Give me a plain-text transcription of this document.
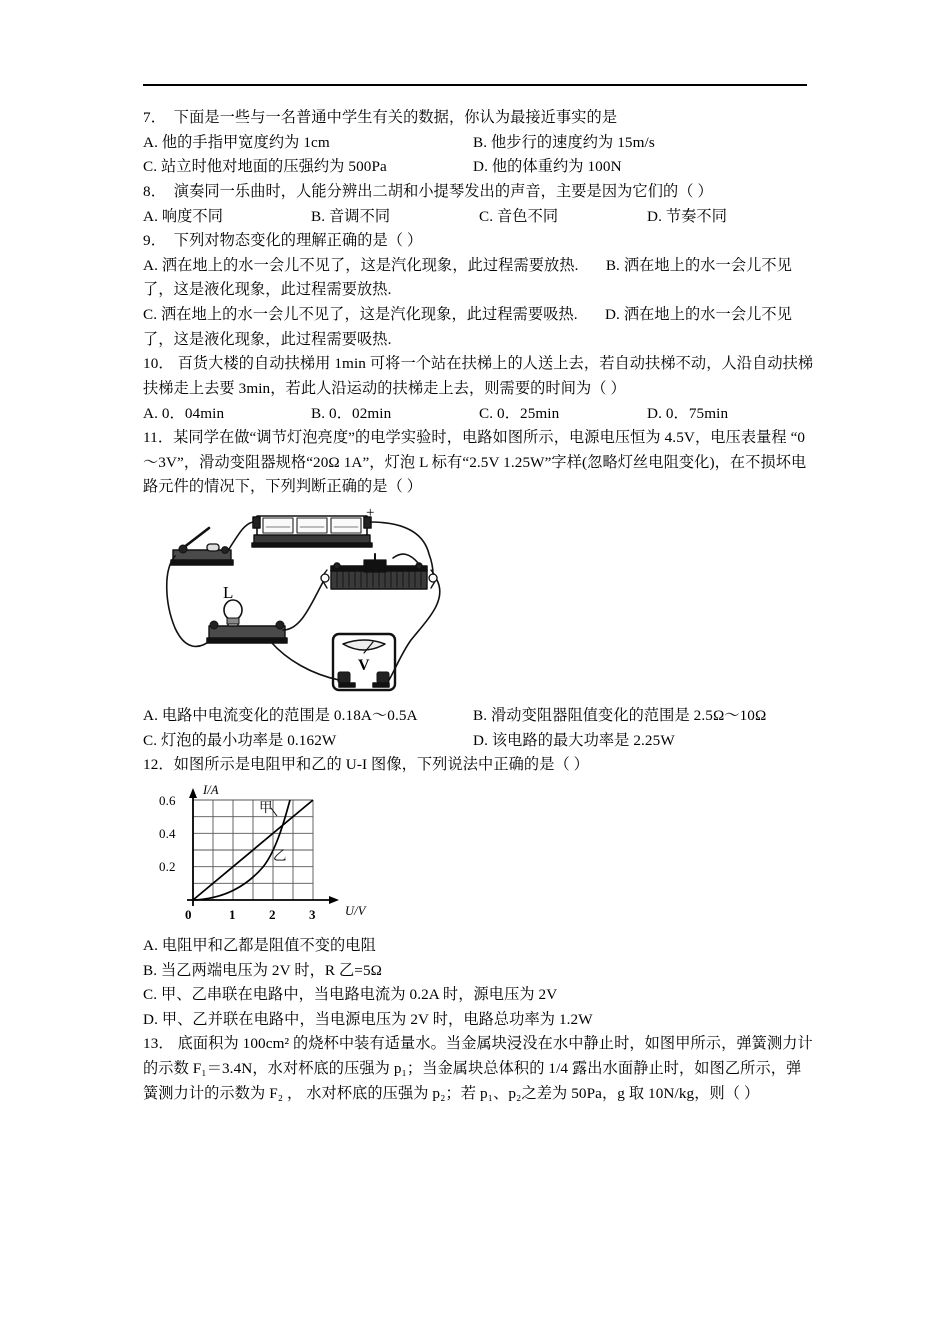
7． 下面是一些与一名普通中学生有关的数据，你认为最接近事实的是
A. 他的手指甲宽度约为 1cm	B. 他步行的速度约为 15m/s
C. 站立时他对地面的压强约为 500Pa	D. 他的体重约为 100N
8． 演奏同一乐曲时，人能分辨出二胡和小提琴发出的声音，主要是因为它们的（ ）
A. 响度不同	B. 音调不同	C. 音色不同	D. 节奏不同
9． 下列对物态变化的理解正确的是（ ）
A. 洒在地上的水一会儿不见了，这是汽化现象，此过程需要放热. B. 洒在地上的水一会儿不见了，这是液化现象，此过程需要放热.
C. 洒在地上的水一会儿不见了，这是汽化现象，此过程需要吸热. D. 洒在地上的水一会儿不见了，这是液化现象，此过程需要吸热.
10． 百货大楼的自动扶梯用 1min 可将一个站在扶梯上的人送上去，若自动扶梯不动，人沿自动扶梯扶梯走上去要 3min，若此人沿运动的扶梯走上去，则需要的时间为（ ）
A. 0．04min	B. 0．02min	C. 0．25min	D. 0．75min
11．某同学在做“调节灯泡亮度”的电学实验时，电路如图所示，电源电压恒为 4.5V，电压表量程 “0～3V”，滑动变阻器规格“20Ω 1A”，灯泡 L 标有“2.5V 1.25W”字样(忽略灯丝电阻变化)，在不损坏电路元件的情况下，下列判断正确的是（ ）
+
L
V
A. 电路中电流变化的范围是 0.18A～0.5A	B. 滑动变阻器阻值变化的范围是 2.5Ω～10Ω
C. 灯泡的最小功率是 0.162W	D. 该电路的最大功率是 2.25W
12．如图所示是电阻甲和乙的 U-I 图像，下列说法中正确的是（ ）
0.6
0.4
0.2
0	1	2	3
I/A
U/V
甲
乙
A. 电阻甲和乙都是阻值不变的电阻
B. 当乙两端电压为 2V 时，R 乙=5Ω
C. 甲、乙串联在电路中，当电路电流为 0.2A 时，源电压为 2V
D. 甲、乙并联在电路中，当电源电压为 2V 时，电路总功率为 1.2W
13． 底面积为 100cm² 的烧杯中装有适量水。当金属块浸没在水中静止时，如图甲所示，弹簧测力计的示数 F₁＝3.4N，水对杯底的压强为 p₁；当金属块总体积的 1/4 露出水面静止时，如图乙所示，弹簧测力计的示数为 F₂ ， 水对杯底的压强为 p₂；若 p₁、p₂之差为 50Pa，g 取 10N/kg，则（ ）
